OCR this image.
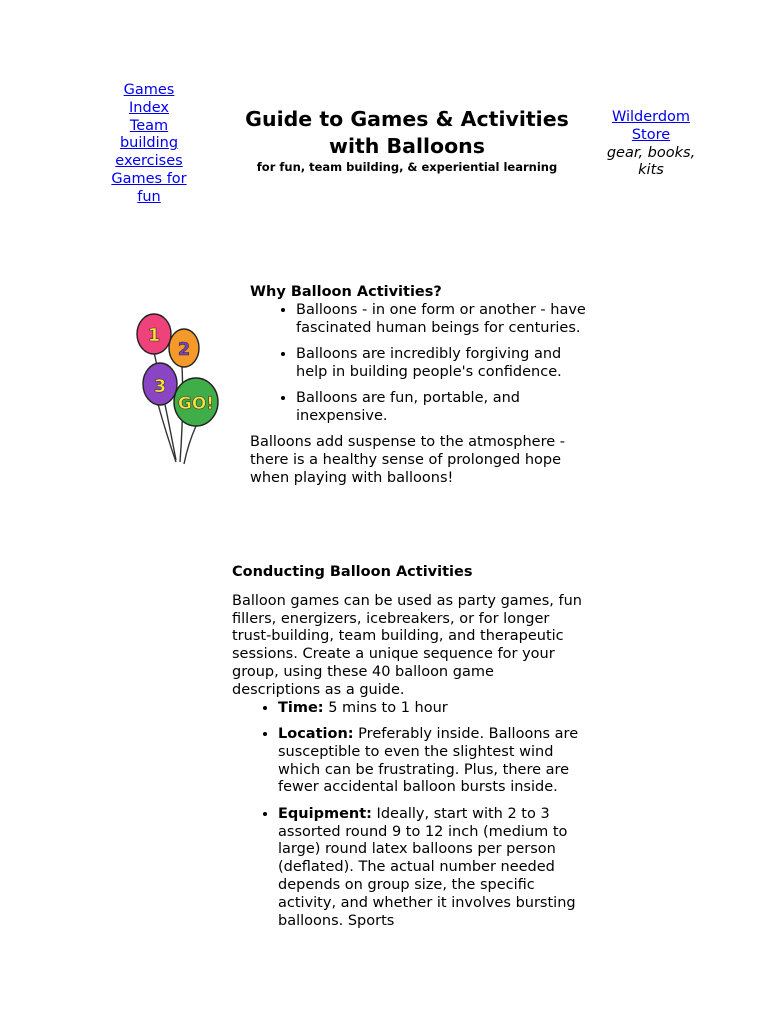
Games Index
Team building exercises
Games for fun
Guide to Games & Activities with Balloons
for fun, team building, & experiential learning
Wilderdom Store
gear, books, kits
1
2
3
GO!
Why Balloon Activities?
• Balloons - in one form or another - have fascinated human beings for centuries.
• Balloons are incredibly forgiving and help in building people's confidence.
• Balloons are fun, portable, and inexpensive.

Balloons add suspense to the atmosphere - there is a healthy sense of prolonged hope when playing with balloons!

Conducting Balloon Activities

Balloon games can be used as party games, fun fillers, energizers, icebreakers, or for longer trust-building, team building, and therapeutic sessions. Create a unique sequence for your group, using these 40 balloon game descriptions as a guide.

• Time: 5 mins to 1 hour
• Location: Preferably inside. Balloons are susceptible to even the slightest wind which can be frustrating. Plus, there are fewer accidental balloon bursts inside.
• Equipment: Ideally, start with 2 to 3 assorted round 9 to 12 inch (medium to large) round latex balloons per person (deflated). The actual number needed depends on group size, the specific activity, and whether it involves bursting balloons. Sports
